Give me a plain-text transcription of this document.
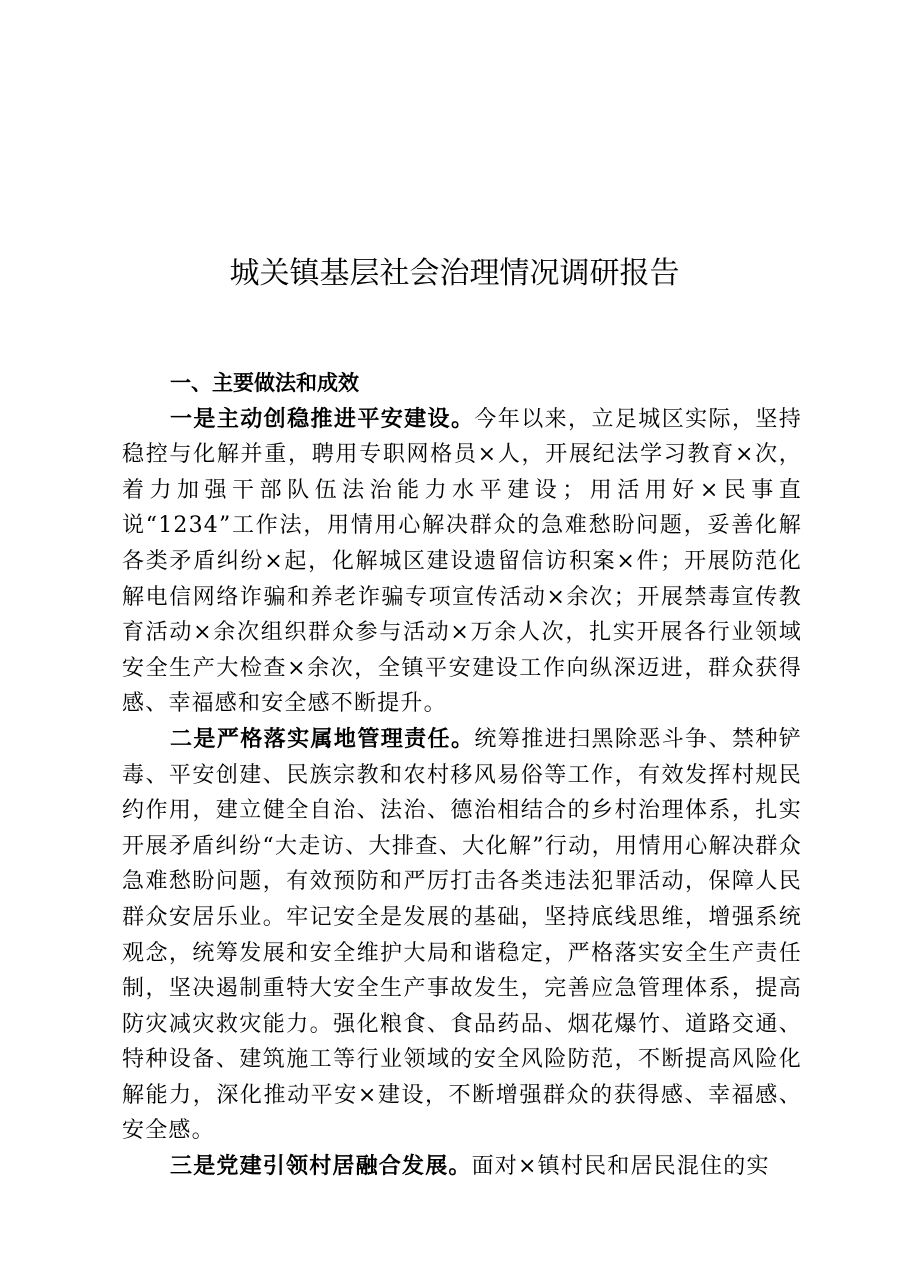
城关镇基层社会治理情况调研报告

一、主要做法和成效

一是主动创稳推进平安建设。今年以来，立足城区实际，坚持稳控与化解并重，聘用专职网格员×人，开展纪法学习教育×次，着力加强干部队伍法治能力水平建设；用活用好×民事直说“1234”工作法，用情用心解决群众的急难愁盼问题，妥善化解各类矛盾纠纷×起，化解城区建设遗留信访积案×件；开展防范化解电信网络诈骗和养老诈骗专项宣传活动×余次；开展禁毒宣传教育活动×余次组织群众参与活动×万余人次，扎实开展各行业领域安全生产大检查×余次，全镇平安建设工作向纵深迈进，群众获得感、幸福感和安全感不断提升。

二是严格落实属地管理责任。统筹推进扫黑除恶斗争、禁种铲毒、平安创建、民族宗教和农村移风易俗等工作，有效发挥村规民约作用，建立健全自治、法治、德治相结合的乡村治理体系，扎实开展矛盾纠纷“大走访、大排查、大化解”行动，用情用心解决群众急难愁盼问题，有效预防和严厉打击各类违法犯罪活动，保障人民群众安居乐业。牢记安全是发展的基础，坚持底线思维，增强系统观念，统筹发展和安全维护大局和谐稳定，严格落实安全生产责任制，坚决遏制重特大安全生产事故发生，完善应急管理体系，提高防灾减灾救灾能力。强化粮食、食品药品、烟花爆竹、道路交通、特种设备、建筑施工等行业领域的安全风险防范，不断提高风险化解能力，深化推动平安×建设，不断增强群众的获得感、幸福感、安全感。

三是党建引领村居融合发展。面对×镇村民和居民混住的实
